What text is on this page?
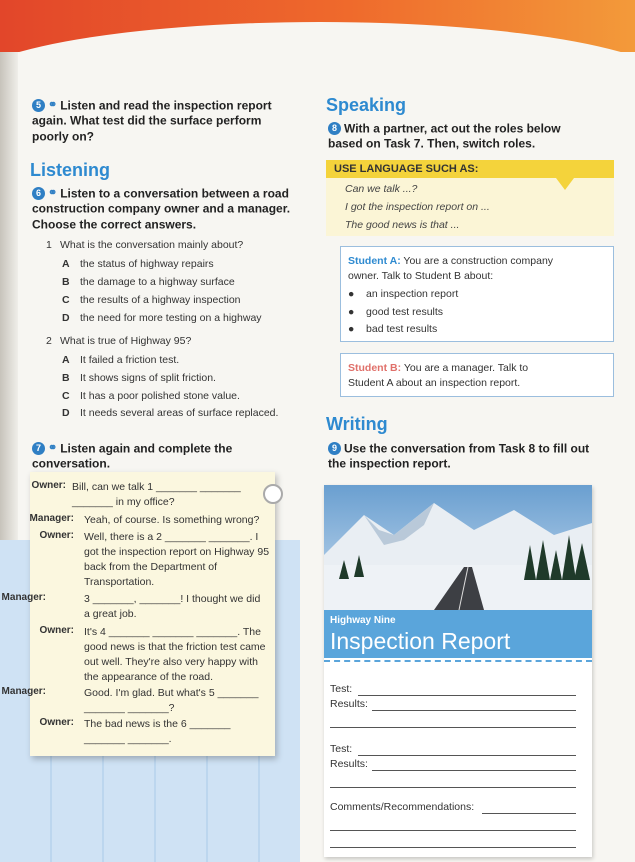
5 ⚭ Listen and read the inspection report again. What test did the surface perform poorly on?
Listening
6 ⚭ Listen to a conversation between a road construction company owner and a manager. Choose the correct answers.
1 What is the conversation mainly about?
A the status of highway repairs
B the damage to a highway surface
C the results of a highway inspection
D the need for more testing on a highway
2 What is true of Highway 95?
A It failed a friction test.
B It shows signs of split friction.
C It has a poor polished stone value.
D It needs several areas of surface replaced.
7 ⚭ Listen again and complete the conversation.
Owner: Bill, can we talk 1 _______ _______
_______ in my office?
Manager: Yeah, of course. Is something wrong?
Owner: Well, there is a 2 _______ _______. I
got the inspection report on Highway 95
back from the Department of
Transportation.
Manager:	3 _______, _______! I thought we did
a great job.
Owner: It's 4 _______ _______ _______. The
good news is that the friction test came
out well. They're also very happy with
the appearance of the road.
Manager:	Good. I'm glad. But what's 5 _______
_______ _______?
Owner: The bad news is the 6 _______
_______ _______.
Speaking
8 With a partner, act out the roles below based on Task 7. Then, switch roles.
USE LANGUAGE SUCH AS:
Can we talk ...?
I got the inspection report on ...
The good news is that ...
Student A: You are a construction company
owner. Talk to Student B about:
●    an inspection report
●    good test results
●    bad test results
Student B: You are a manager. Talk to
Student A about an inspection report.
Writing
9 Use the conversation from Task 8 to fill out the inspection report.
Highway Nine
Inspection Report
Test:
Results:
Test:
Results:
Comments/Recommendations:
